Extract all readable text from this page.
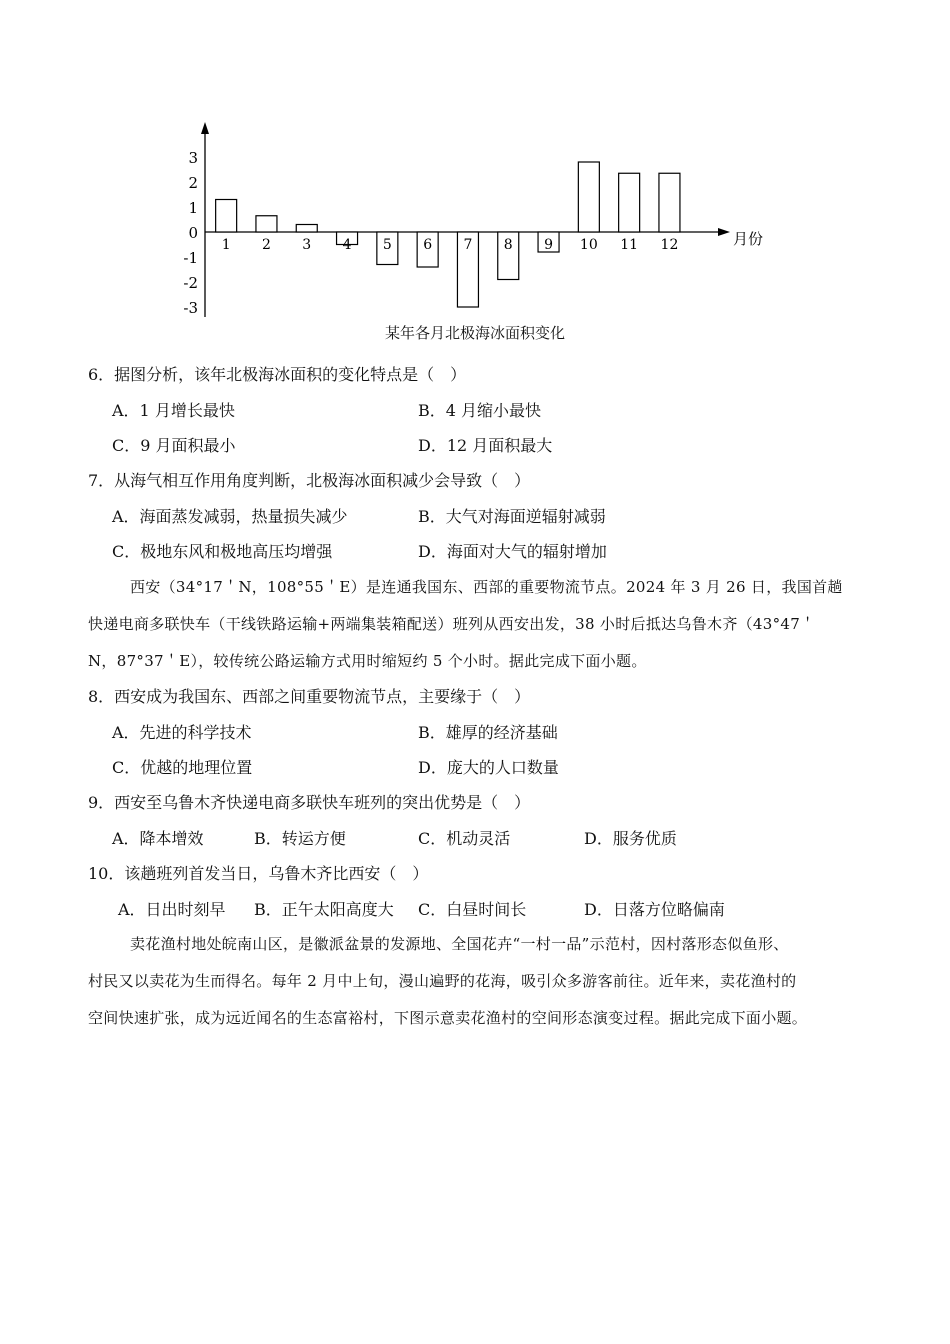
3
2
1
0
-1
-2
-3
1 2 3 4 5 6 7 8 9 10 11 12	月份
某年各月北极海冰面积变化
6．据图分析，该年北极海冰面积的变化特点是（　）
A．1 月增长最快	B．4 月缩小最快
C．9 月面积最小	D．12 月面积最大
7．从海气相互作用角度判断，北极海冰面积减少会导致（　）
A．海面蒸发减弱，热量损失减少	B．大气对海面逆辐射减弱
C．极地东风和极地高压均增强	D．海面对大气的辐射增加
西安（34°17＇N，108°55＇E）是连通我国东、西部的重要物流节点。2024 年 3 月 26 日，我国首趟
快递电商多联快车（干线铁路运输+两端集装箱配送）班列从西安出发，38 小时后抵达乌鲁木齐（43°47＇
N，87°37＇E），较传统公路运输方式用时缩短约 5 个小时。据此完成下面小题。
8．西安成为我国东、西部之间重要物流节点，主要缘于（　）
A．先进的科学技术	B．雄厚的经济基础
C．优越的地理位置	D．庞大的人口数量
9．西安至乌鲁木齐快递电商多联快车班列的突出优势是（　）
A．降本增效	B．转运方便	C．机动灵活	D．服务优质
10．该趟班列首发当日，乌鲁木齐比西安（　）
A．日出时刻早 B．正午太阳高度大 C．白昼时间长	D．日落方位略偏南
卖花渔村地处皖南山区，是徽派盆景的发源地、全国花卉“一村一品”示范村，因村落形态似鱼形、
村民又以卖花为生而得名。每年 2 月中上旬，漫山遍野的花海，吸引众多游客前往。近年来，卖花渔村的
空间快速扩张，成为远近闻名的生态富裕村，下图示意卖花渔村的空间形态演变过程。据此完成下面小题。
